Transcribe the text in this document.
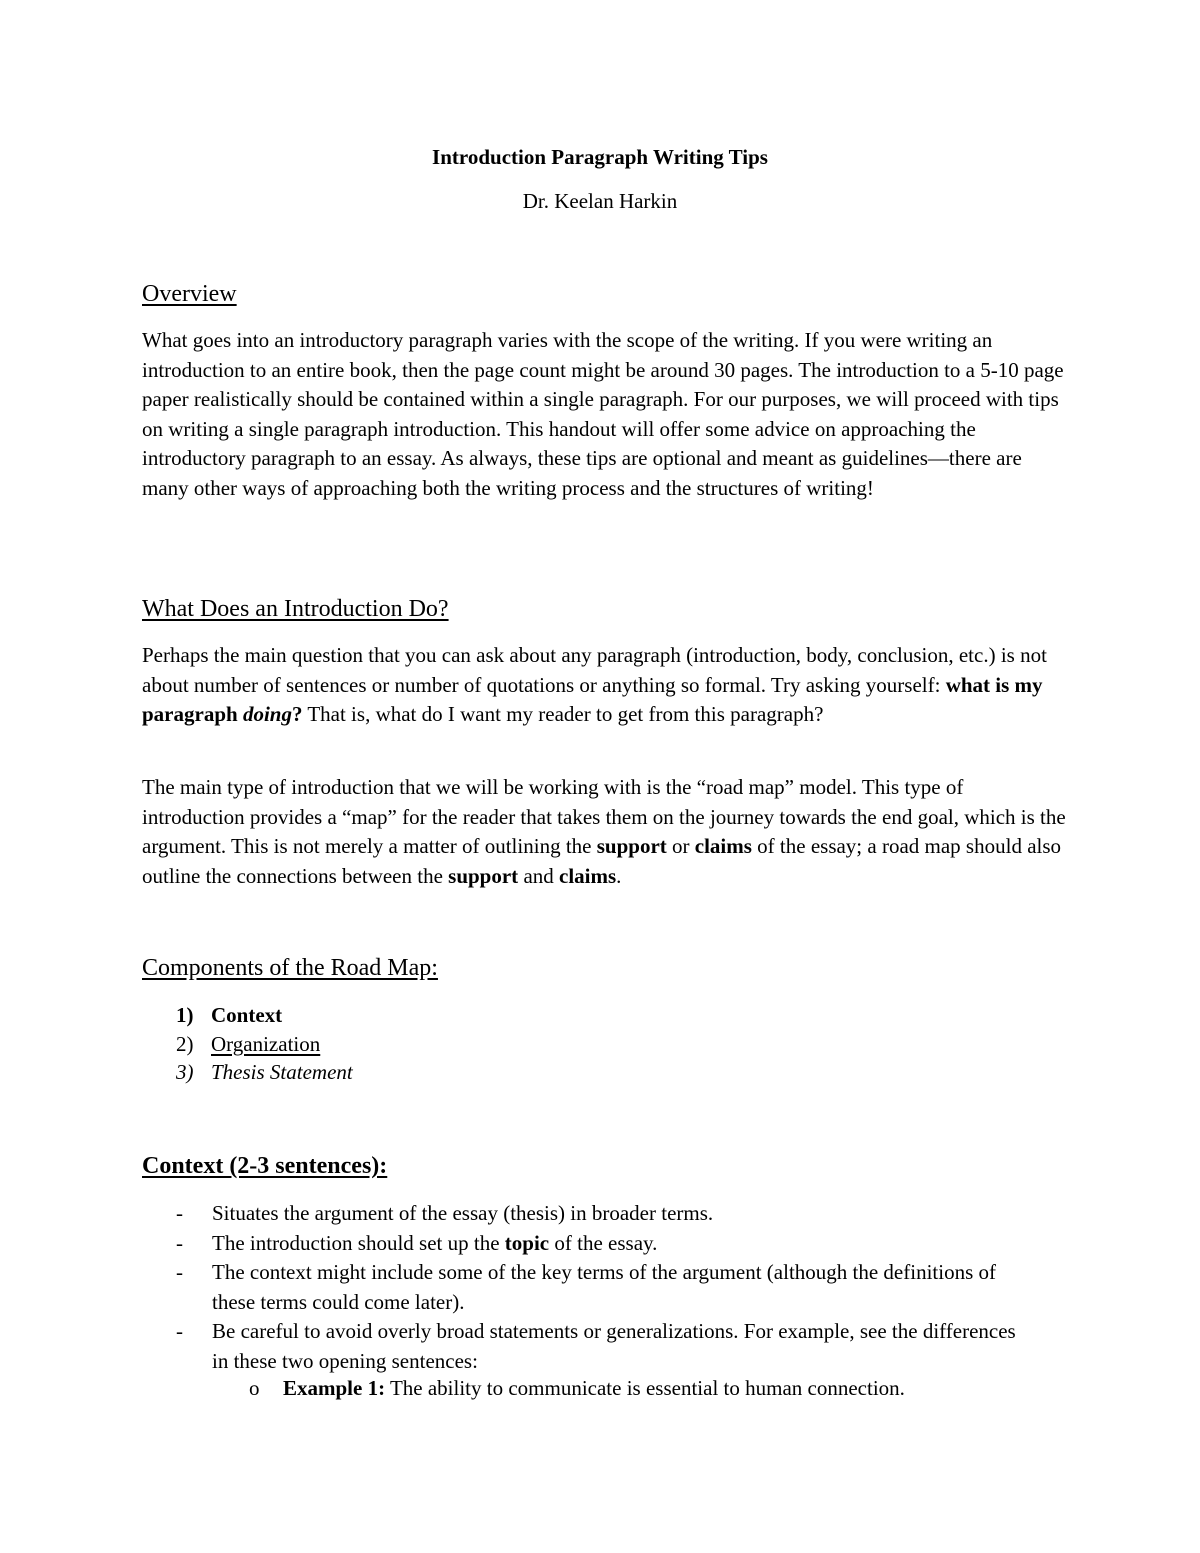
Introduction Paragraph Writing Tips
Dr. Keelan Harkin
Overview

What goes into an introductory paragraph varies with the scope of the writing. If you were writing an introduction to an entire book, then the page count might be around 30 pages. The introduction to a 5-10 page paper realistically should be contained within a single paragraph. For our purposes, we will proceed with tips on writing a single paragraph introduction. This handout will offer some advice on approaching the introductory paragraph to an essay. As always, these tips are optional and meant as guidelines—there are many other ways of approaching both the writing process and the structures of writing!

What Does an Introduction Do?

Perhaps the main question that you can ask about any paragraph (introduction, body, conclusion, etc.) is not about number of sentences or number of quotations or anything so formal. Try asking yourself: what is my paragraph doing? That is, what do I want my reader to get from this paragraph?

The main type of introduction that we will be working with is the “road map” model. This type of introduction provides a “map” for the reader that takes them on the journey towards the end goal, which is the argument. This is not merely a matter of outlining the support or claims of the essay; a road map should also outline the connections between the support and claims.

Components of the Road Map:
1) Context
2) Organization
3) Thesis Statement
Context (2-3 sentences):
- Situates the argument of the essay (thesis) in broader terms.
- The introduction should set up the topic of the essay.
- The context might include some of the key terms of the argument (although the definitions of these terms could come later).
- Be careful to avoid overly broad statements or generalizations. For example, see the differences in these two opening sentences:
o Example 1: The ability to communicate is essential to human connection.
